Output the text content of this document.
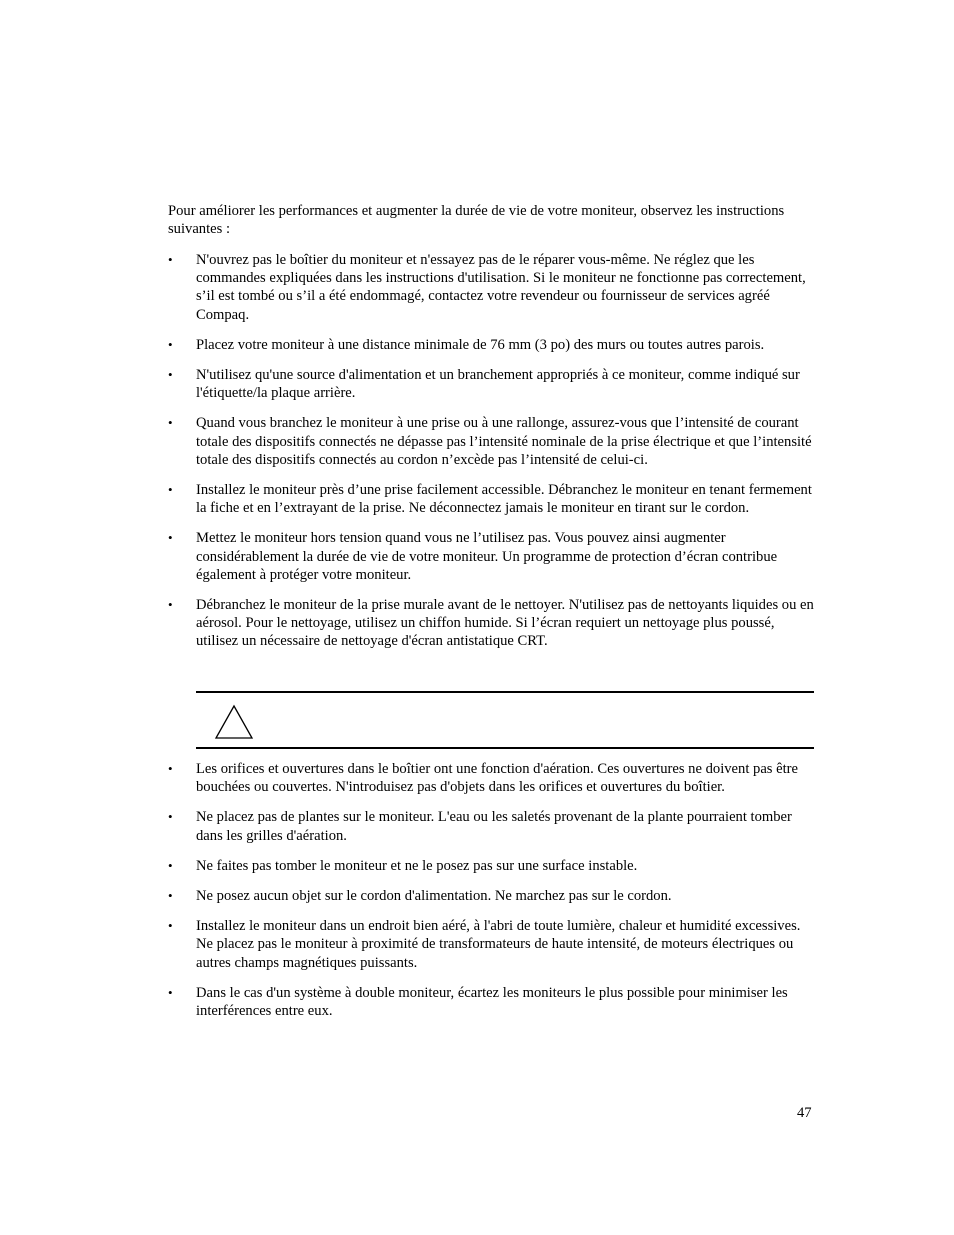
Pour améliorer les performances et augmenter la durée de vie de votre moniteur, observez les instructions suivantes :

• N'ouvrez pas le boîtier du moniteur et n'essayez pas de le réparer vous-même. Ne réglez que les commandes expliquées dans les instructions d'utilisation. Si le moniteur ne fonctionne pas correctement, s’il est tombé ou s’il a été endommagé, contactez votre revendeur ou fournisseur de services agréé Compaq.
• Placez votre moniteur à une distance minimale de 76 mm (3 po) des murs ou toutes autres parois.
• N'utilisez qu'une source d'alimentation et un branchement appropriés à ce moniteur, comme indiqué sur l'étiquette/la plaque arrière.
• Quand vous branchez le moniteur à une prise ou à une rallonge, assurez-vous que l’intensité de courant totale des dispositifs connectés ne dépasse pas l’intensité nominale de la prise électrique et que l’intensité totale des dispositifs connectés au cordon n’excède pas l’intensité de celui-ci.
• Installez le moniteur près d’une prise facilement accessible. Débranchez le moniteur en tenant fermement la fiche et en l’extrayant de la prise. Ne déconnectez jamais le moniteur en tirant sur le cordon.
• Mettez le moniteur hors tension quand vous ne l’utilisez pas. Vous pouvez ainsi augmenter considérablement la durée de vie de votre moniteur. Un programme de protection d’écran contribue également à protéger votre moniteur.
• Débranchez le moniteur de la prise murale avant de le nettoyer. N'utilisez pas de nettoyants liquides ou en aérosol. Pour le nettoyage, utilisez un chiffon humide. Si l’écran requiert un nettoyage plus poussé, utilisez un nécessaire de nettoyage d'écran antistatique CRT.
• Les orifices et ouvertures dans le boîtier ont une fonction d'aération. Ces ouvertures ne doivent pas être bouchées ou couvertes. N'introduisez pas d'objets dans les orifices et ouvertures du boîtier.
• Ne placez pas de plantes sur le moniteur. L'eau ou les saletés provenant de la plante pourraient tomber dans les grilles d'aération.
• Ne faites pas tomber le moniteur et ne le posez pas sur une surface instable.
• Ne posez aucun objet sur le cordon d'alimentation. Ne marchez pas sur le cordon.
• Installez le moniteur dans un endroit bien aéré, à l'abri de toute lumière, chaleur et humidité excessives. Ne placez pas le moniteur à proximité de transformateurs de haute intensité, de moteurs électriques ou autres champs magnétiques puissants.
• Dans le cas d'un système à double moniteur, écartez les moniteurs le plus possible pour minimiser les interférences entre eux.
47
